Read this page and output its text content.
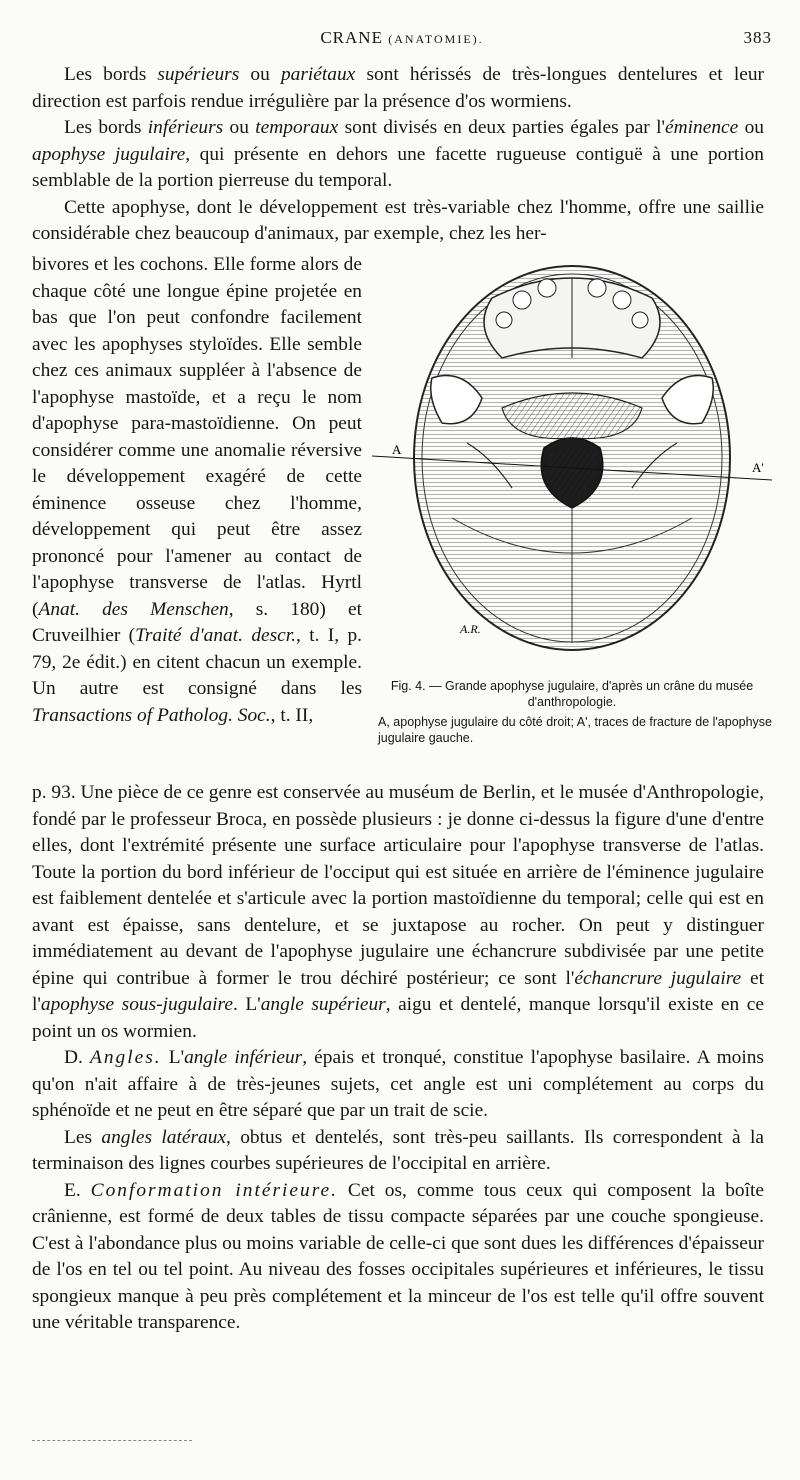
CRANE (ANATOMIE).	383

Les bords supérieurs ou pariétaux sont hérissés de très-longues dentelures et leur direction est parfois rendue irrégulière par la présence d'os wormiens.

Les bords inférieurs ou temporaux sont divisés en deux parties égales par l'éminence ou apophyse jugulaire, qui présente en dehors une facette rugueuse contiguë à une portion semblable de la portion pierreuse du temporal.

Cette apophyse, dont le développement est très-variable chez l'homme, offre une saillie considérable chez beaucoup d'animaux, par exemple, chez les her-

bivores et les cochons. Elle forme alors de chaque côté une longue épine projetée en bas que l'on peut confondre facilement avec les apophyses styloïdes. Elle semble chez ces animaux suppléer à l'absence de l'apophyse mastoïde, et a reçu le nom d'apophyse para-mastoïdienne. On peut considérer comme une anomalie réversive le développement exagéré de cette éminence osseuse chez l'homme, développement qui peut être assez prononcé pour l'amener au contact de l'apophyse transverse de l'atlas. Hyrtl (Anat. des Menschen, s. 180) et Cruveilhier (Traité d'anat. descr., t. I, p. 79, 2e édit.) en citent chacun un exemple. Un autre est consigné dans les Transactions of Patholog. Soc., t. II,

A
A'
A.R.
Fig. 4. — Grande apophyse jugulaire, d'après un crâne du musée d'anthropologie.
A, apophyse jugulaire du côté droit; A', traces de fracture de l'apophyse jugulaire gauche.

p. 93. Une pièce de ce genre est conservée au muséum de Berlin, et le musée d'Anthropologie, fondé par le professeur Broca, en possède plusieurs : je donne ci-dessus la figure d'une d'entre elles, dont l'extrémité présente une surface articulaire pour l'apophyse transverse de l'atlas. Toute la portion du bord inférieur de l'occiput qui est située en arrière de l'éminence jugulaire est faiblement dentelée et s'articule avec la portion mastoïdienne du temporal; celle qui est en avant est épaisse, sans dentelure, et se juxtapose au rocher. On peut y distinguer immédiatement au devant de l'apophyse jugulaire une échancrure subdivisée par une petite épine qui contribue à former le trou déchiré postérieur; ce sont l'échancrure jugulaire et l'apophyse sous-jugulaire. L'angle supérieur, aigu et dentelé, manque lorsqu'il existe en ce point un os wormien.

D. Angles. L'angle inférieur, épais et tronqué, constitue l'apophyse basilaire. A moins qu'on n'ait affaire à de très-jeunes sujets, cet angle est uni complétement au corps du sphénoïde et ne peut en être séparé que par un trait de scie.

Les angles latéraux, obtus et dentelés, sont très-peu saillants. Ils correspondent à la terminaison des lignes courbes supérieures de l'occipital en arrière.

E. Conformation intérieure. Cet os, comme tous ceux qui composent la boîte crânienne, est formé de deux tables de tissu compacte séparées par une couche spongieuse. C'est à l'abondance plus ou moins variable de celle-ci que sont dues les différences d'épaisseur de l'os en tel ou tel point. Au niveau des fosses occipitales supérieures et inférieures, le tissu spongieux manque à peu près complétement et la minceur de l'os est telle qu'il offre souvent une véritable transparence.
